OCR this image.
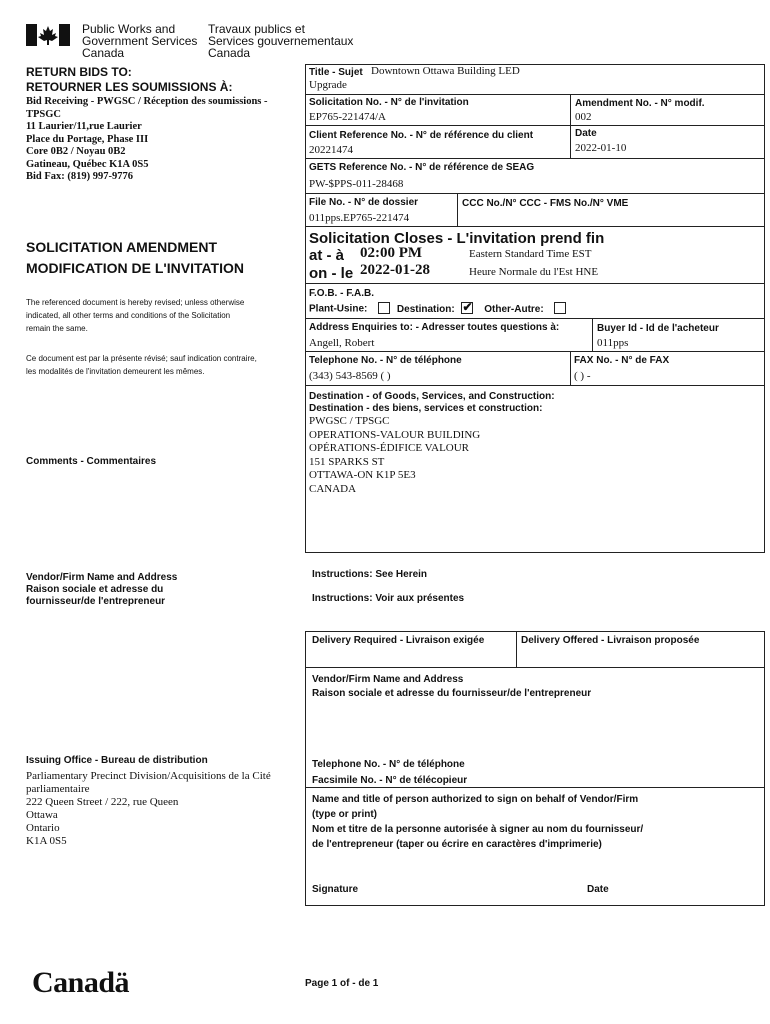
Public Works and
Government Services
Canada
Travaux publics et
Services gouvernementaux
Canada
RETURN BIDS TO:
RETOURNER LES SOUMISSIONS À:
Bid Receiving - PWGSC / Réception des soumissions -
TPSGC
11 Laurier/11,rue Laurier
Place du Portage, Phase III
Core 0B2 / Noyau 0B2
Gatineau, Québec K1A 0S5
Bid Fax: (819) 997-9776
SOLICITATION AMENDMENT
MODIFICATION DE L'INVITATION
The referenced document is hereby revised; unless otherwise
indicated, all other terms and conditions of the Solicitation
remain the same.
Ce document est par la présente révisé; sauf indication contraire,
les modalités de l'invitation demeurent les mêmes.
Comments - Commentaires
Vendor/Firm Name and Address
Raison sociale et adresse du
fournisseur/de l'entrepreneur
Issuing Office - Bureau de distribution
Parliamentary Precinct Division/Acquisitions de la Cité
parliamentaire
222 Queen Street / 222, rue Queen
Ottawa
Ontario
K1A 0S5
Title - Sujet Downtown Ottawa Building LED
Upgrade
Solicitation No. - N° de l'invitation
EP765-221474/A
Amendment No. - N° modif.
002
Client Reference No. - N° de référence du client
20221474
Date
2022-01-10
GETS Reference No. - N° de référence de SEAG
PW-$PPS-011-28468
File No. - N° de dossier
011pps.EP765-221474
CCC No./N° CCC - FMS No./N° VME
Solicitation Closes - L'invitation prend fin
at - à 02:00 PM
on - le 2022-01-28
Eastern Standard Time EST
Heure Normale du l'Est HNE
F.O.B. - F.A.B.
Plant-Usine:	Destination: ✔	Other-Autre:
Address Enquiries to: - Adresser toutes questions à:
Angell, Robert
Buyer Id - Id de l'acheteur
011pps
Telephone No. - N° de téléphone
(343) 543-8569 ( )
FAX No. - N° de FAX
( ) -
Destination - of Goods, Services, and Construction:
Destination - des biens, services et construction:
PWGSC / TPSGC
OPERATIONS-VALOUR BUILDING
OPÉRATIONS-ÉDIFICE VALOUR
151 SPARKS ST
OTTAWA-ON K1P 5E3
CANADA
Instructions: See Herein
Instructions: Voir aux présentes
Delivery Required - Livraison exigée	Delivery Offered - Livraison proposée
Vendor/Firm Name and Address
Raison sociale et adresse du fournisseur/de l'entrepreneur
Telephone No. - N° de téléphone
Facsimile No. - N° de télécopieur
Name and title of person authorized to sign on behalf of Vendor/Firm
(type or print)
Nom et titre de la personne autorisée à signer au nom du fournisseur/
de l'entrepreneur (taper ou écrire en caractères d'imprimerie)
Signature	Date
Canadä	Page 1 of - de 1
